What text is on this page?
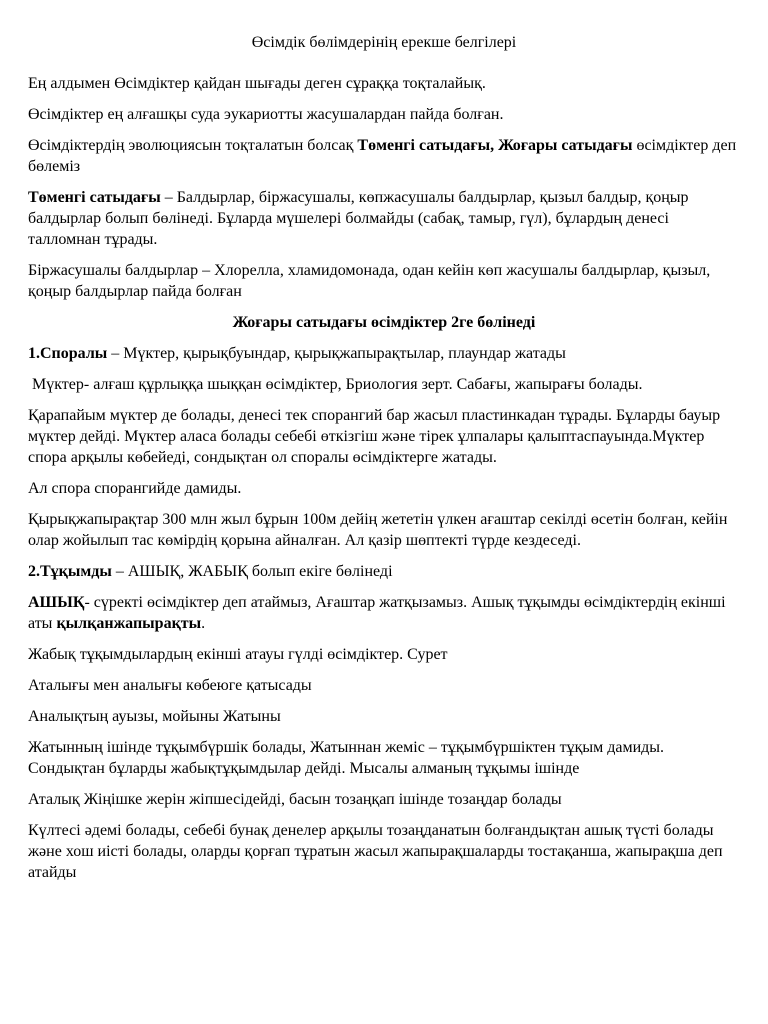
Өсімдік бөлімдерінің ерекше белгілері

Ең алдымен Өсімдіктер қайдан шығады деген сұраққа тоқталайық.

Өсімдіктер ең алғашқы суда эукариотты жасушалардан пайда болған.

Өсімдіктердің эволюциясын тоқталатын болсақ Төменгі сатыдағы, Жоғары сатыдағы өсімдіктер деп бөлеміз

Төменгі сатыдағы – Балдырлар, біржасушалы, көпжасушалы балдырлар, қызыл балдыр, қоңыр балдырлар болып бөлінеді. Бұларда мүшелері болмайды (сабақ, тамыр, гүл), бұлардың денесі талломнан тұрады.

Біржасушалы балдырлар – Хлорелла, хламидомонада, одан кейін көп жасушалы балдырлар, қызыл, қоңыр балдырлар пайда болған

Жоғары сатыдағы өсімдіктер 2ге бөлінеді

1.Споралы – Мүктер, қырықбуындар, қырықжапырақтылар, плаундар жатады

Мүктер- алғаш құрлыққа шыққан өсімдіктер, Бриология зерт. Сабағы, жапырағы болады.

Қарапайым мүктер де болады, денесі тек спорангий бар жасыл пластинкадан тұрады. Бұларды бауыр мүктер дейді. Мүктер аласа болады себебі өткізгіш және тірек ұлпалары қалыптаспауында.Мүктер спора арқылы көбейеді, сондықтан ол споралы өсімдіктерге жатады.

Ал спора спорангийде дамиды.

Қырықжапырақтар 300 млн жыл бұрын 100м дейің жететін үлкен ағаштар секілді өсетін болған, кейін олар жойылып тас көмірдің қорына айналған. Ал қазір шөптекті түрде кездеседі.

2.Тұқымды – АШЫҚ, ЖАБЫҚ болып екіге бөлінеді

АШЫҚ- сүректі өсімдіктер деп атаймыз, Ағаштар жатқызамыз. Ашық тұқымды өсімдіктердің екінші аты қылқанжапырақты.

Жабық тұқымдылардың екінші атауы гүлді өсімдіктер. Сурет

Аталығы мен аналығы көбеюге қатысады

Аналықтың ауызы, мойыны Жатыны

Жатынның ішінде тұқымбүршік болады, Жатыннан жеміс – тұқымбүршіктен тұқым дамиды. Сондықтан бұларды жабықтұқымдылар дейді. Мысалы алманың тұқымы ішінде

Аталық Жіңішке жерін жіпшесідейді, басын тозаңқап ішінде тозаңдар болады

Күлтесі әдемі болады, себебі бунақ денелер арқылы тозаңданатын болғандықтан ашық түсті болады және хош иісті болады, оларды қорғап тұратын жасыл жапырақшаларды тостақанша, жапырақша деп атайды
